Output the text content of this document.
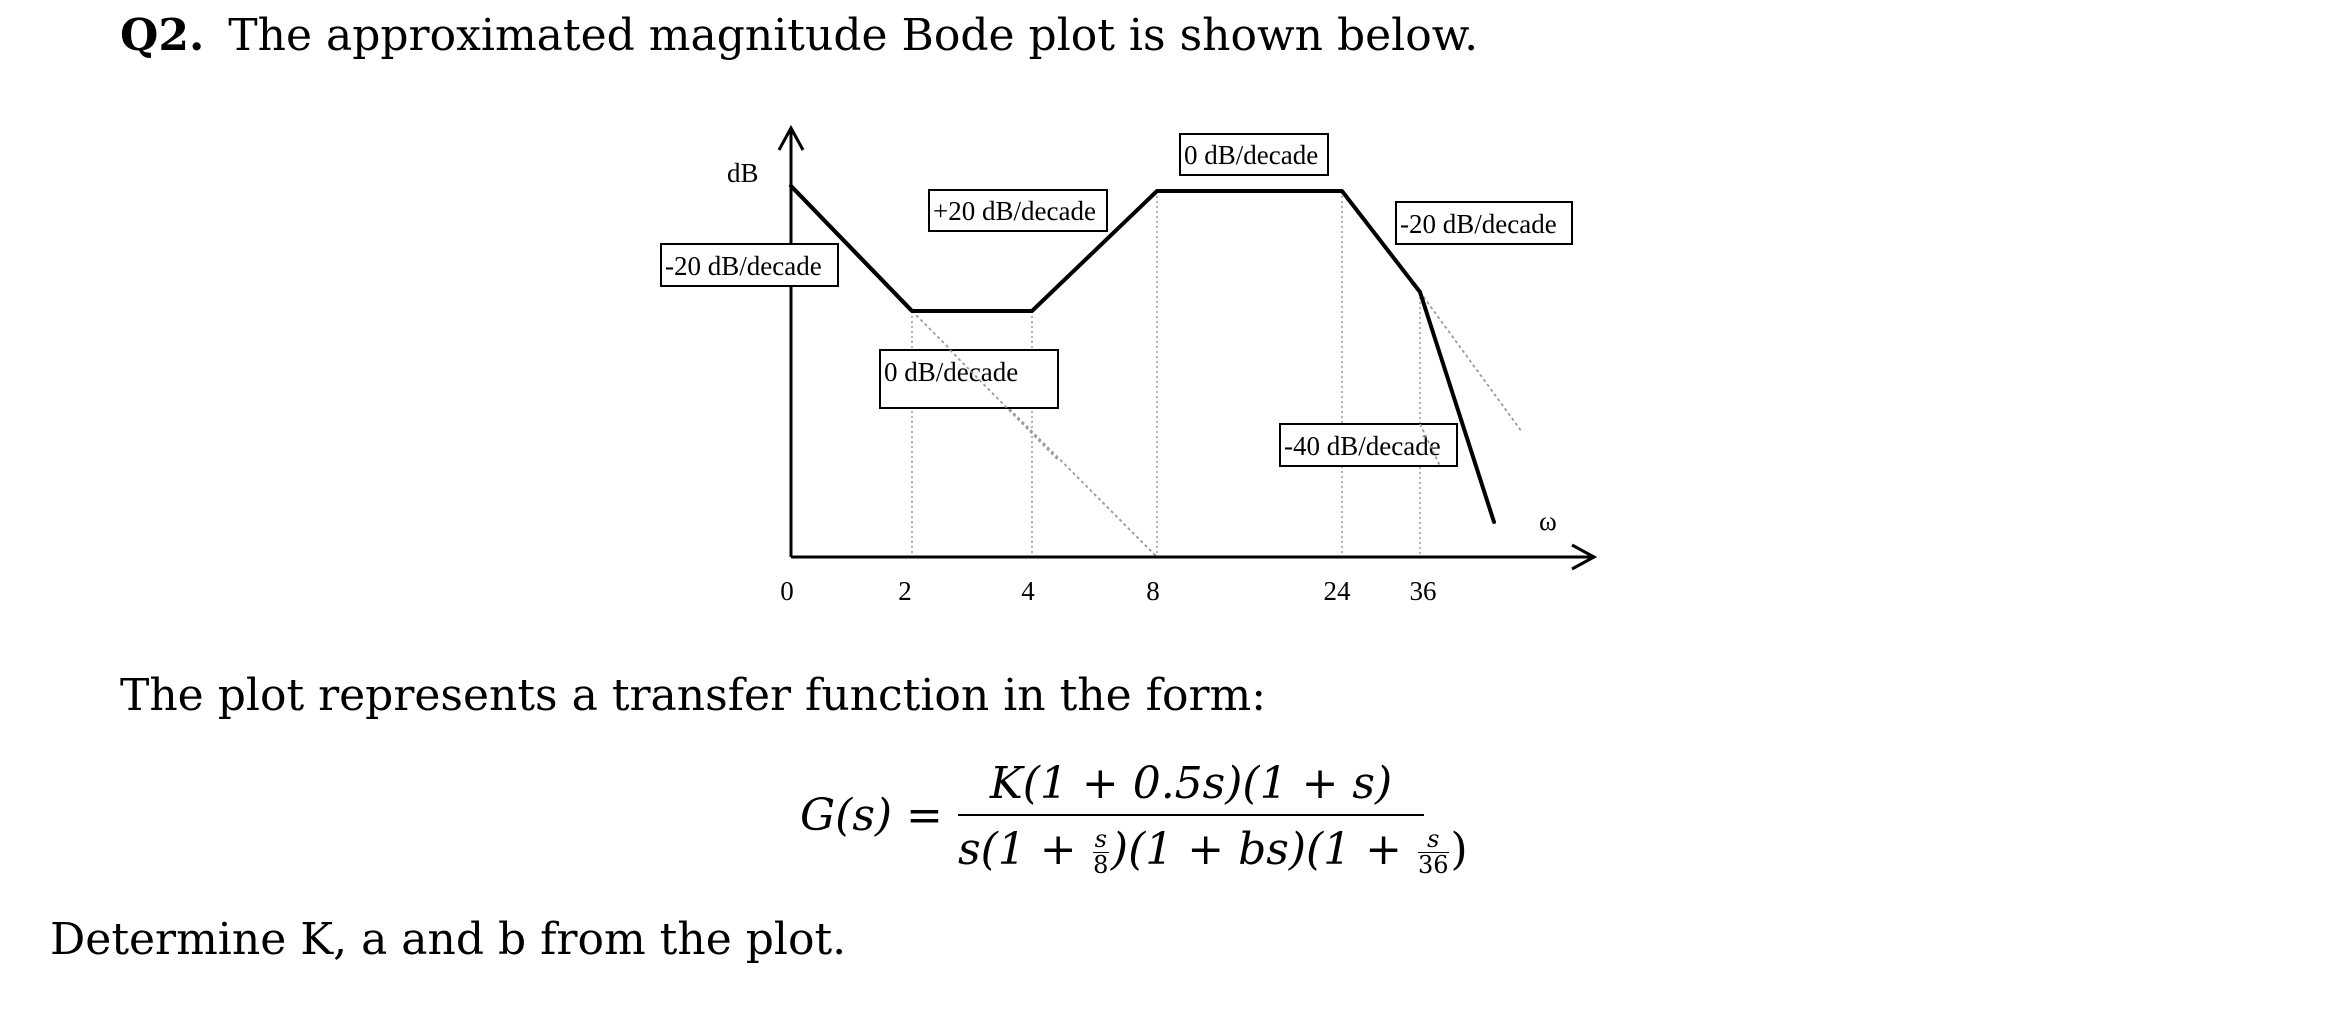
Q2. The approximated magnitude Bode plot is shown below.
dB
ω
0	2	4	8	24 36
-20 dB/decade
0 dB/decade
+20 dB/decade
0 dB/decade
-20 dB/decade
-40 dB/decade
The plot represents a transfer function in the form:
G(s) =
K(1 + 0.5s)(1 + s)
$s(1 + \frac{s}{8} )(1 + bs)(1 + \frac{s}{36}$ )
Determine K, a and b from the plot.
